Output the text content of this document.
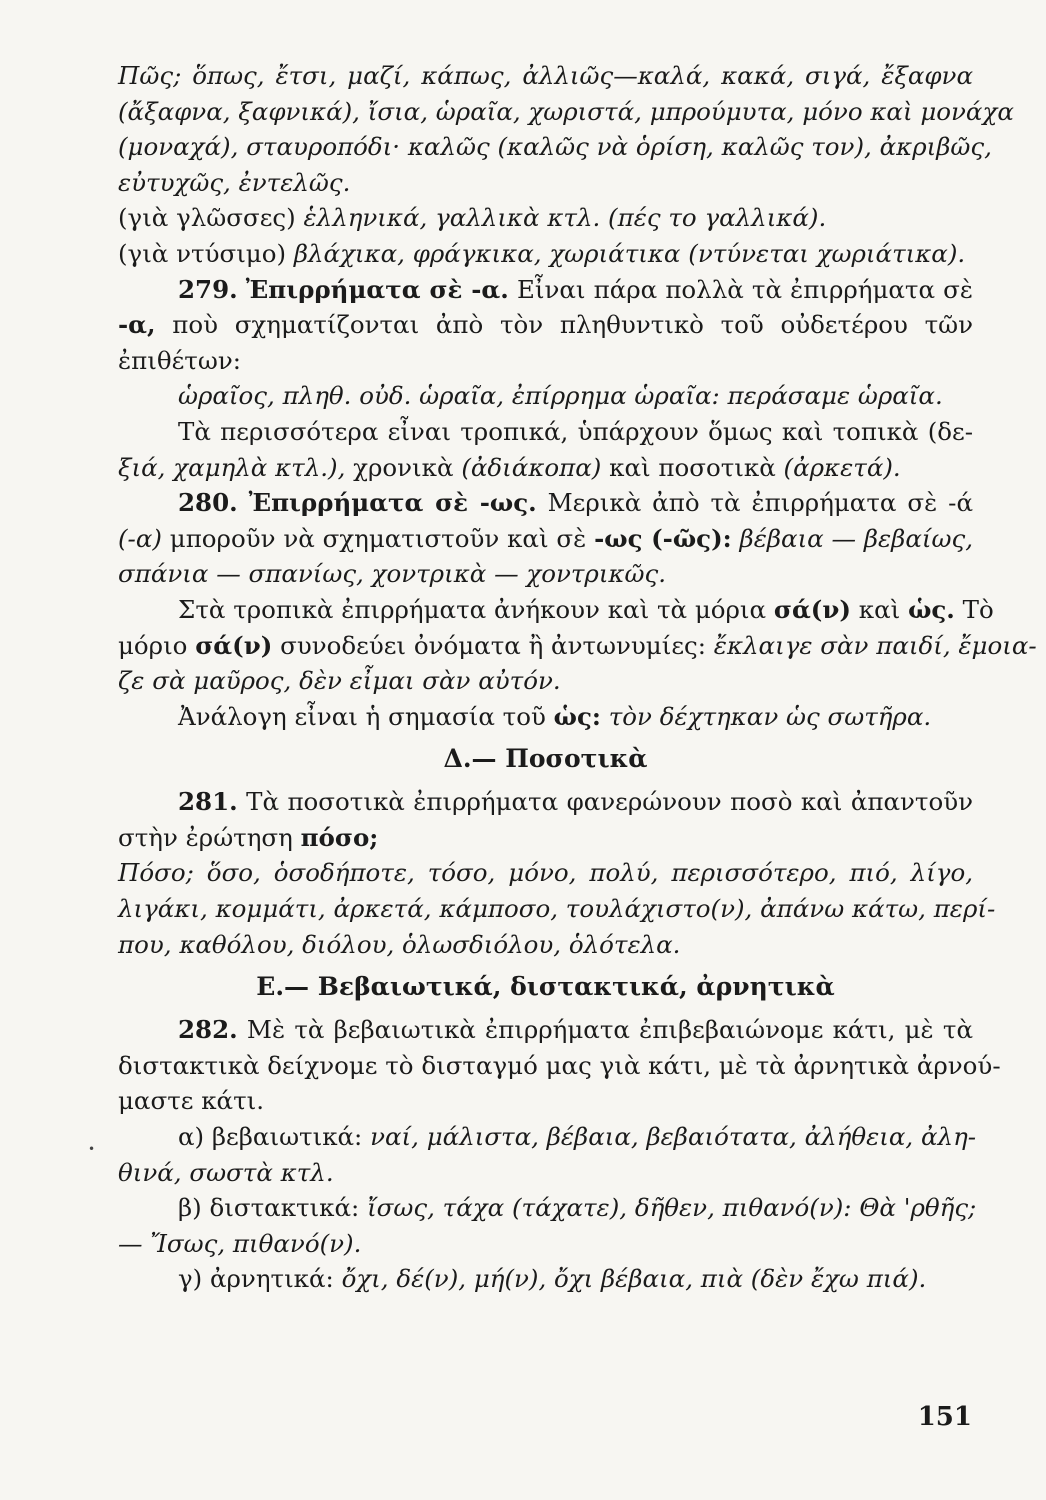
Πῶς; ὅπως, ἔτσι, μαζί, κάπως, ἀλλιῶς—καλά, κακά, σιγά, ἔξαφνα
(ἄξαφνα, ξαφνικά), ἴσια, ὡραῖα, χωριστά, μπρούμυτα, μόνο καὶ μονάχα
(μοναχά), σταυροπόδι· καλῶς (καλῶς νὰ ὁρίση, καλῶς τον), ἀκριβῶς,
εὐτυχῶς, ἐντελῶς.
(γιὰ γλῶσσες) ἑλληνικά, γαλλικὰ κτλ. (πές το γαλλικά).
(γιὰ ντύσιμο) βλάχικα, φράγκικα, χωριάτικα (ντύνεται χωριάτικα).
279. Ἐπιρρήματα σὲ -α. Εἶναι πάρα πολλὰ τὰ ἐπιρρήματα σὲ
-α, ποὺ σχηματίζονται ἀπὸ τὸν πληθυντικὸ τοῦ οὐδετέρου τῶν
ἐπιθέτων:
ὡραῖος, πληθ. οὐδ. ὡραῖα, ἐπίρρημα ὡραῖα: περάσαμε ὡραῖα.
Τὰ περισσότερα εἶναι τροπικά, ὑπάρχουν ὅμως καὶ τοπικὰ (δε-
ξιά, χαμηλὰ κτλ.), χρονικὰ (ἀδιάκοπα) καὶ ποσοτικὰ (ἀρκετά).
280. Ἐπιρρήματα σὲ -ως. Μερικὰ ἀπὸ τὰ ἐπιρρήματα σὲ -ά
(-α) μποροῦν νὰ σχηματιστοῦν καὶ σὲ -ως (-ῶς): βέβαια — βεβαίως,
σπάνια — σπανίως, χοντρικὰ — χοντρικῶς.
Στὰ τροπικὰ ἐπιρρήματα ἀνήκουν καὶ τὰ μόρια σά(ν) καὶ ὡς. Τὸ
μόριο σά(ν) συνοδεύει ὀνόματα ἢ ἀντωνυμίες: ἔκλαιγε σὰν παιδί, ἔμοια-
ζε σὰ μαῦρος, δὲν εἶμαι σὰν αὐτόν.
Ἀνάλογη εἶναι ἡ σημασία τοῦ ὡς: τὸν δέχτηκαν ὡς σωτῆρα.
Δ.— Ποσοτικὰ
281. Τὰ ποσοτικὰ ἐπιρρήματα φανερώνουν ποσὸ καὶ ἀπαντοῦν
στὴν ἐρώτηση πόσο;
Πόσο; ὅσο, ὁσοδήποτε, τόσο, μόνο, πολύ, περισσότερο, πιό, λίγο,
λιγάκι, κομμάτι, ἀρκετά, κάμποσο, τουλάχιστο(ν), ἀπάνω κάτω, περί-
που, καθόλου, διόλου, ὁλωσδιόλου, ὁλότελα.
Ε.— Βεβαιωτικά, διστακτικά, ἀρνητικὰ
282. Μὲ τὰ βεβαιωτικὰ ἐπιρρήματα ἐπιβεβαιώνομε κάτι, μὲ τὰ
διστακτικὰ δείχνομε τὸ δισταγμό μας γιὰ κάτι, μὲ τὰ ἀρνητικὰ ἀρνού-
μαστε κάτι.
α) βεβαιωτικά: ναί, μάλιστα, βέβαια, βεβαιότατα, ἀλήθεια, ἀλη-
θινά, σωστὰ κτλ.
β) διστακτικά: ἴσως, τάχα (τάχατε), δῆθεν, πιθανό(ν): Θὰ 'ρθῆς;
— Ἴσως, πιθανό(ν).
γ) ἀρνητικά: ὄχι, δέ(ν), μή(ν), ὄχι βέβαια, πιὰ (δὲν ἔχω πιά).
•
151
